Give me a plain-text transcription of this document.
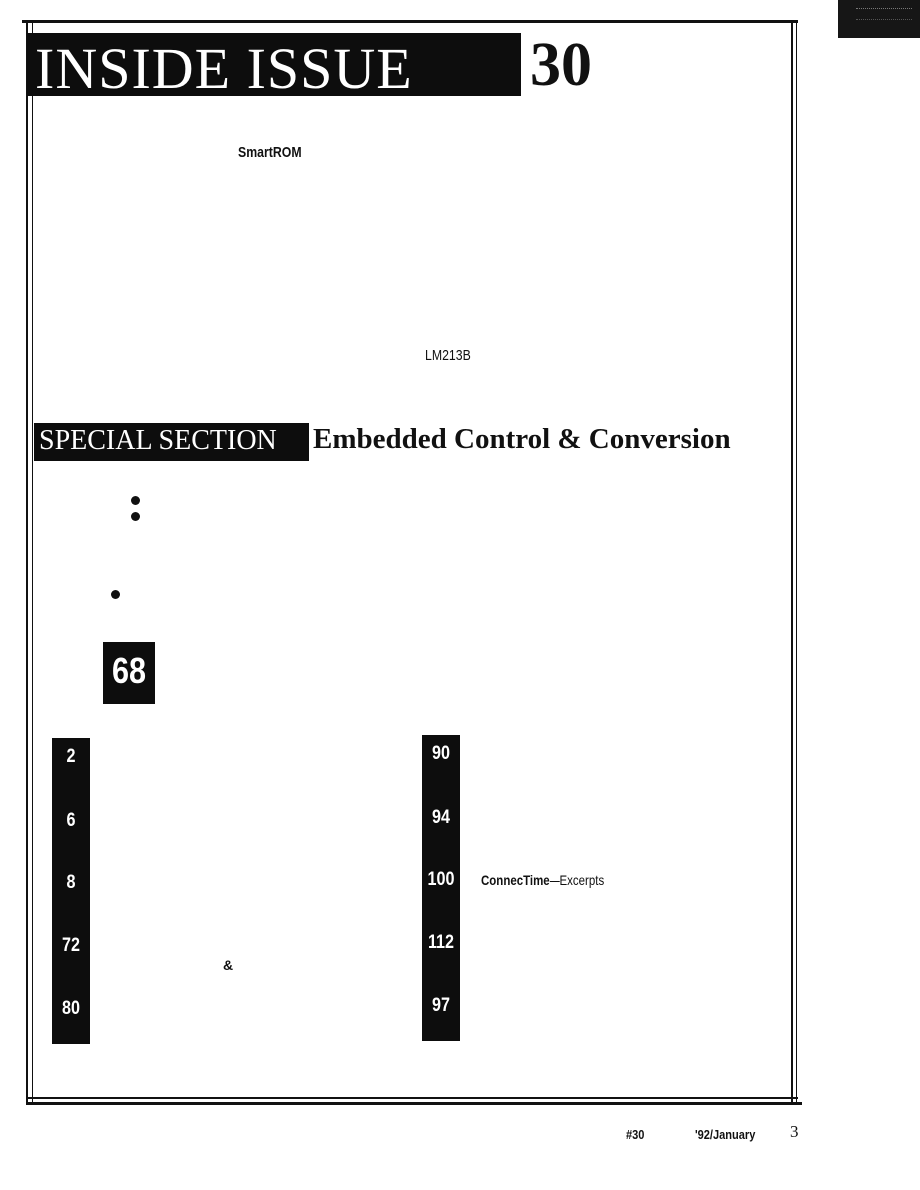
INSIDE ISSUE 30
SmartROM
LM213B
SPECIAL SECTION Embedded Control & Conversion
68
2
6
8
72
80
90
94
100
112
97
ConnecTime Excerpts
&
#30	'92/January 3
